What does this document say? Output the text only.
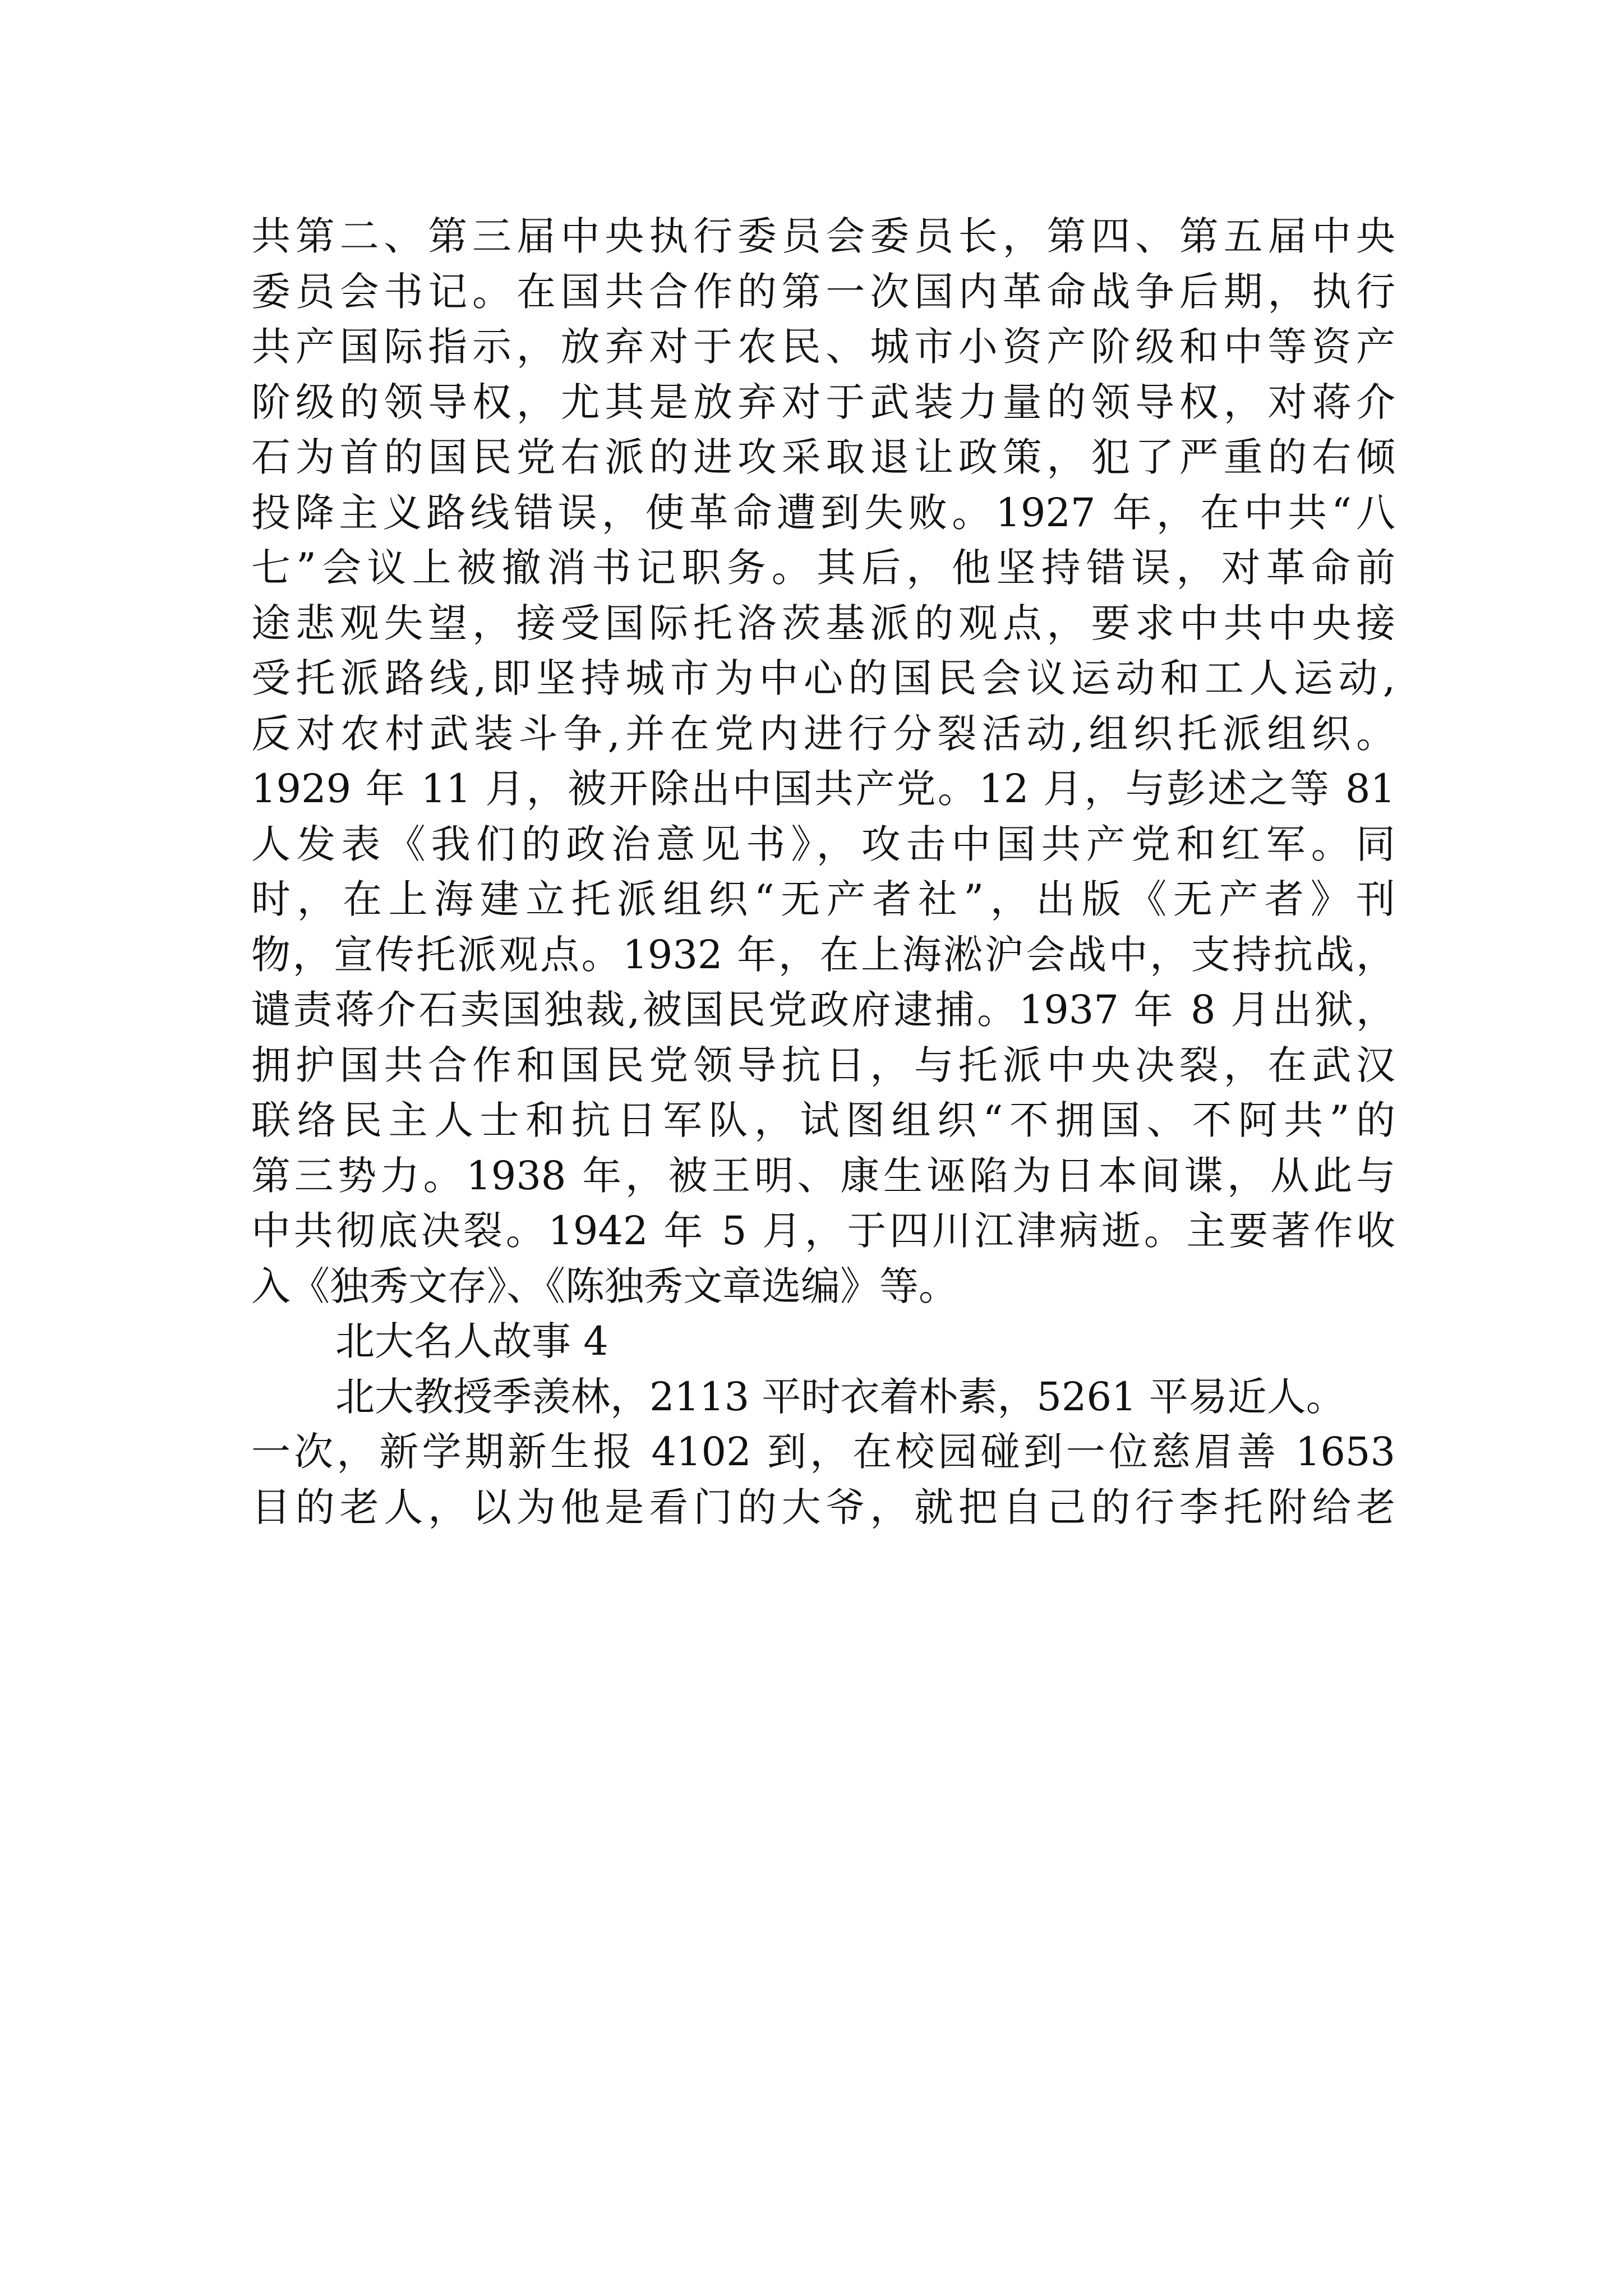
共第二、第三届中央执行委员会委员长，第四、第五届中央
委员会书记。在国共合作的第一次国内革命战争后期，执行
共产国际指示，放弃对于农民、城市小资产阶级和中等资产
阶级的领导权，尤其是放弃对于武装力量的领导权，对蒋介
石为首的国民党右派的进攻采取退让政策，犯了严重的右倾
投降主义路线错误，使革命遭到失败。1927 年，在中共“八
七”会议上被撤消书记职务。其后，他坚持错误，对革命前
途悲观失望，接受国际托洛茨基派的观点，要求中共中央接
受托派路线,即坚持城市为中心的国民会议运动和工人运动,
反对农村武装斗争,并在党内进行分裂活动,组织托派组织。
1929 年 11 月，被开除出中国共产党。12 月，与彭述之等 81
人发表《我们的政治意见书》，攻击中国共产党和红军。同
时，在上海建立托派组织“无产者社”，出版《无产者》刊
物，宣传托派观点。1932 年，在上海淞沪会战中，支持抗战，
谴责蒋介石卖国独裁,被国民党政府逮捕。1937 年 8 月出狱，
拥护国共合作和国民党领导抗日，与托派中央决裂，在武汉
联络民主人士和抗日军队，试图组织“不拥国、不阿共”的
第三势力。1938 年，被王明、康生诬陷为日本间谍，从此与
中共彻底决裂。1942 年 5 月，于四川江津病逝。主要著作收
入《独秀文存》、《陈独秀文章选编》等。
北大名人故事 4
北大教授季羡林，2113 平时衣着朴素，5261 平易近人。
一次，新学期新生报 4102 到，在校园碰到一位慈眉善 1653
目的老人，以为他是看门的大爷，就把自己的行李托附给老
